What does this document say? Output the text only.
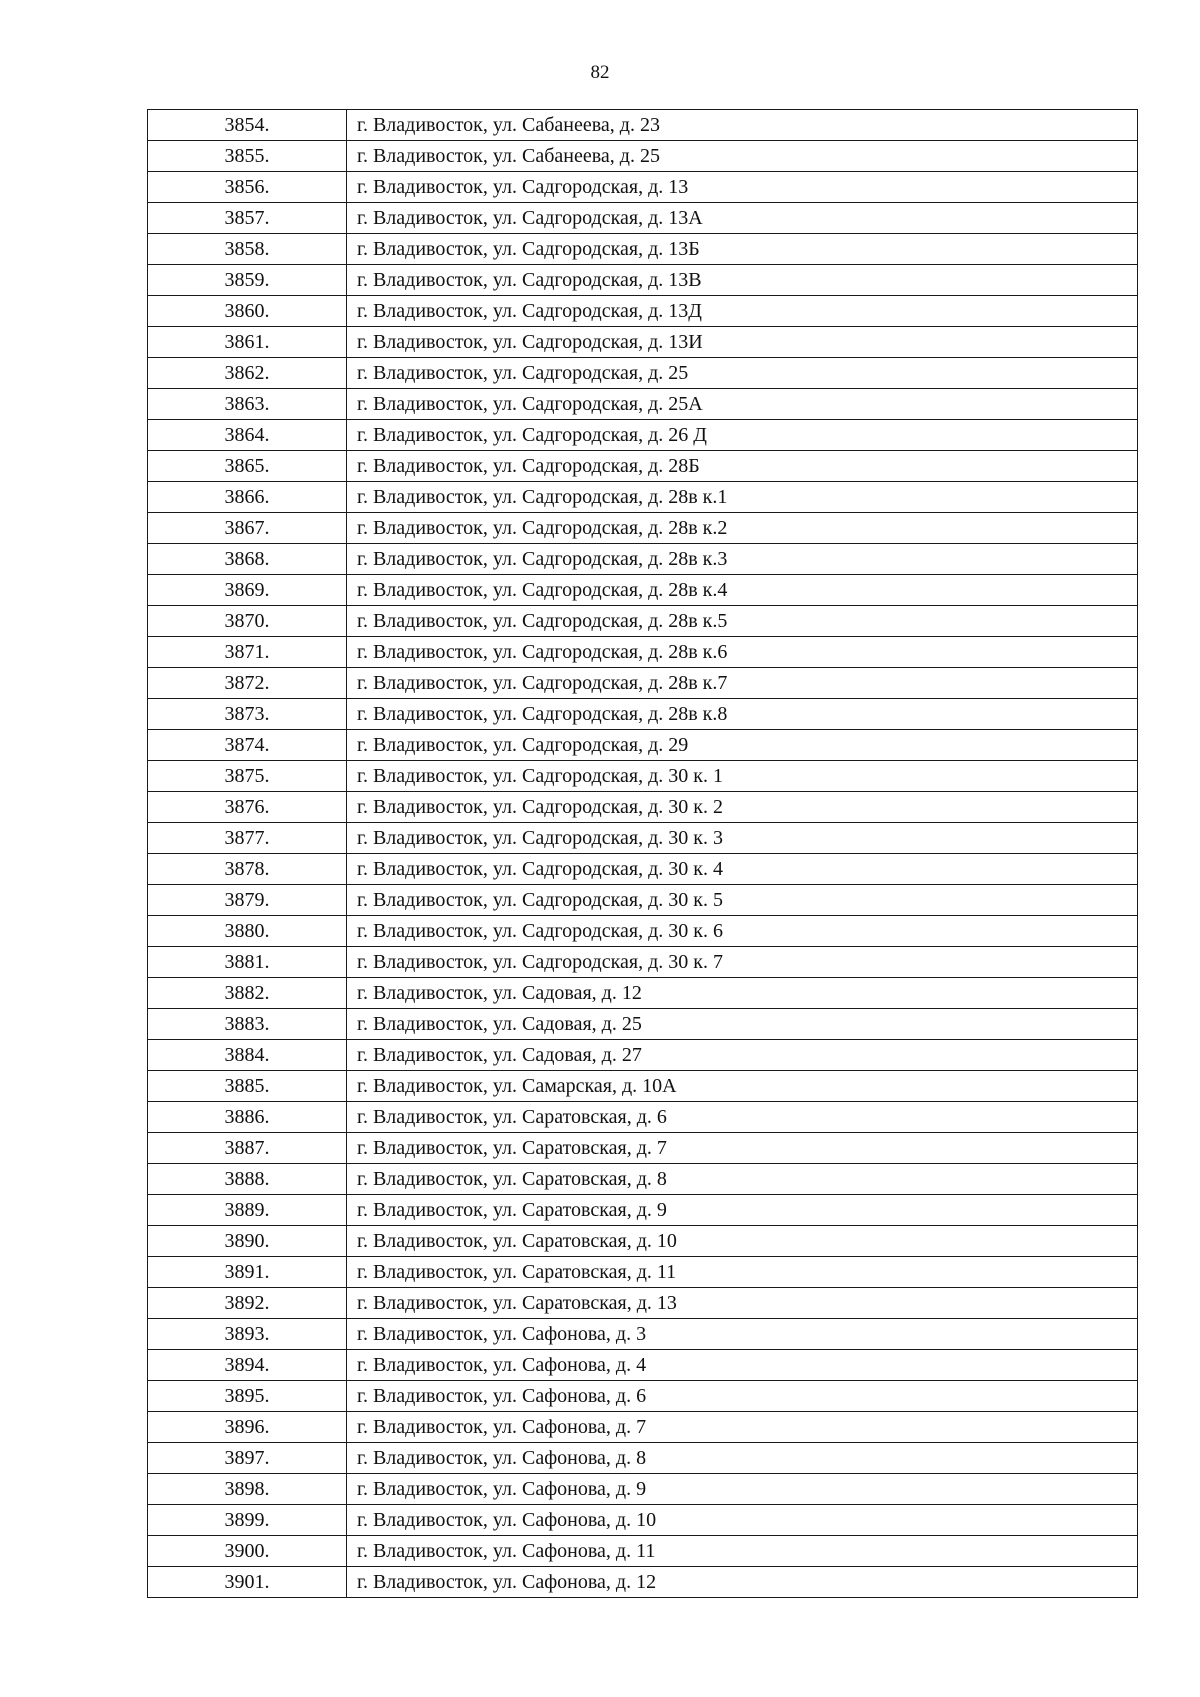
82
3854.	г. Владивосток, ул. Сабанеева, д. 23
3855.	г. Владивосток, ул. Сабанеева, д. 25
3856.	г. Владивосток, ул. Садгородская, д. 13
3857.	г. Владивосток, ул. Садгородская, д. 13А
3858.	г. Владивосток, ул. Садгородская, д. 13Б
3859.	г. Владивосток, ул. Садгородская, д. 13В
3860.	г. Владивосток, ул. Садгородская, д. 13Д
3861.	г. Владивосток, ул. Садгородская, д. 13И
3862.	г. Владивосток, ул. Садгородская, д. 25
3863.	г. Владивосток, ул. Садгородская, д. 25А
3864.	г. Владивосток, ул. Садгородская, д. 26 Д
3865.	г. Владивосток, ул. Садгородская, д. 28Б
3866.	г. Владивосток, ул. Садгородская, д. 28в к.1
3867.	г. Владивосток, ул. Садгородская, д. 28в к.2
3868.	г. Владивосток, ул. Садгородская, д. 28в к.3
3869.	г. Владивосток, ул. Садгородская, д. 28в к.4
3870.	г. Владивосток, ул. Садгородская, д. 28в к.5
3871.	г. Владивосток, ул. Садгородская, д. 28в к.6
3872.	г. Владивосток, ул. Садгородская, д. 28в к.7
3873.	г. Владивосток, ул. Садгородская, д. 28в к.8
3874.	г. Владивосток, ул. Садгородская, д. 29
3875.	г. Владивосток, ул. Садгородская, д. 30 к. 1
3876.	г. Владивосток, ул. Садгородская, д. 30 к. 2
3877.	г. Владивосток, ул. Садгородская, д. 30 к. 3
3878.	г. Владивосток, ул. Садгородская, д. 30 к. 4
3879.	г. Владивосток, ул. Садгородская, д. 30 к. 5
3880.	г. Владивосток, ул. Садгородская, д. 30 к. 6
3881.	г. Владивосток, ул. Садгородская, д. 30 к. 7
3882.	г. Владивосток, ул. Садовая, д. 12
3883.	г. Владивосток, ул. Садовая, д. 25
3884.	г. Владивосток, ул. Садовая, д. 27
3885.	г. Владивосток, ул. Самарская, д. 10А
3886.	г. Владивосток, ул. Саратовская, д. 6
3887.	г. Владивосток, ул. Саратовская, д. 7
3888.	г. Владивосток, ул. Саратовская, д. 8
3889.	г. Владивосток, ул. Саратовская, д. 9
3890.	г. Владивосток, ул. Саратовская, д. 10
3891.	г. Владивосток, ул. Саратовская, д. 11
3892.	г. Владивосток, ул. Саратовская, д. 13
3893.	г. Владивосток, ул. Сафонова, д. 3
3894.	г. Владивосток, ул. Сафонова, д. 4
3895.	г. Владивосток, ул. Сафонова, д. 6
3896.	г. Владивосток, ул. Сафонова, д. 7
3897.	г. Владивосток, ул. Сафонова, д. 8
3898.	г. Владивосток, ул. Сафонова, д. 9
3899.	г. Владивосток, ул. Сафонова, д. 10
3900.	г. Владивосток, ул. Сафонова, д. 11
3901.	г. Владивосток, ул. Сафонова, д. 12
